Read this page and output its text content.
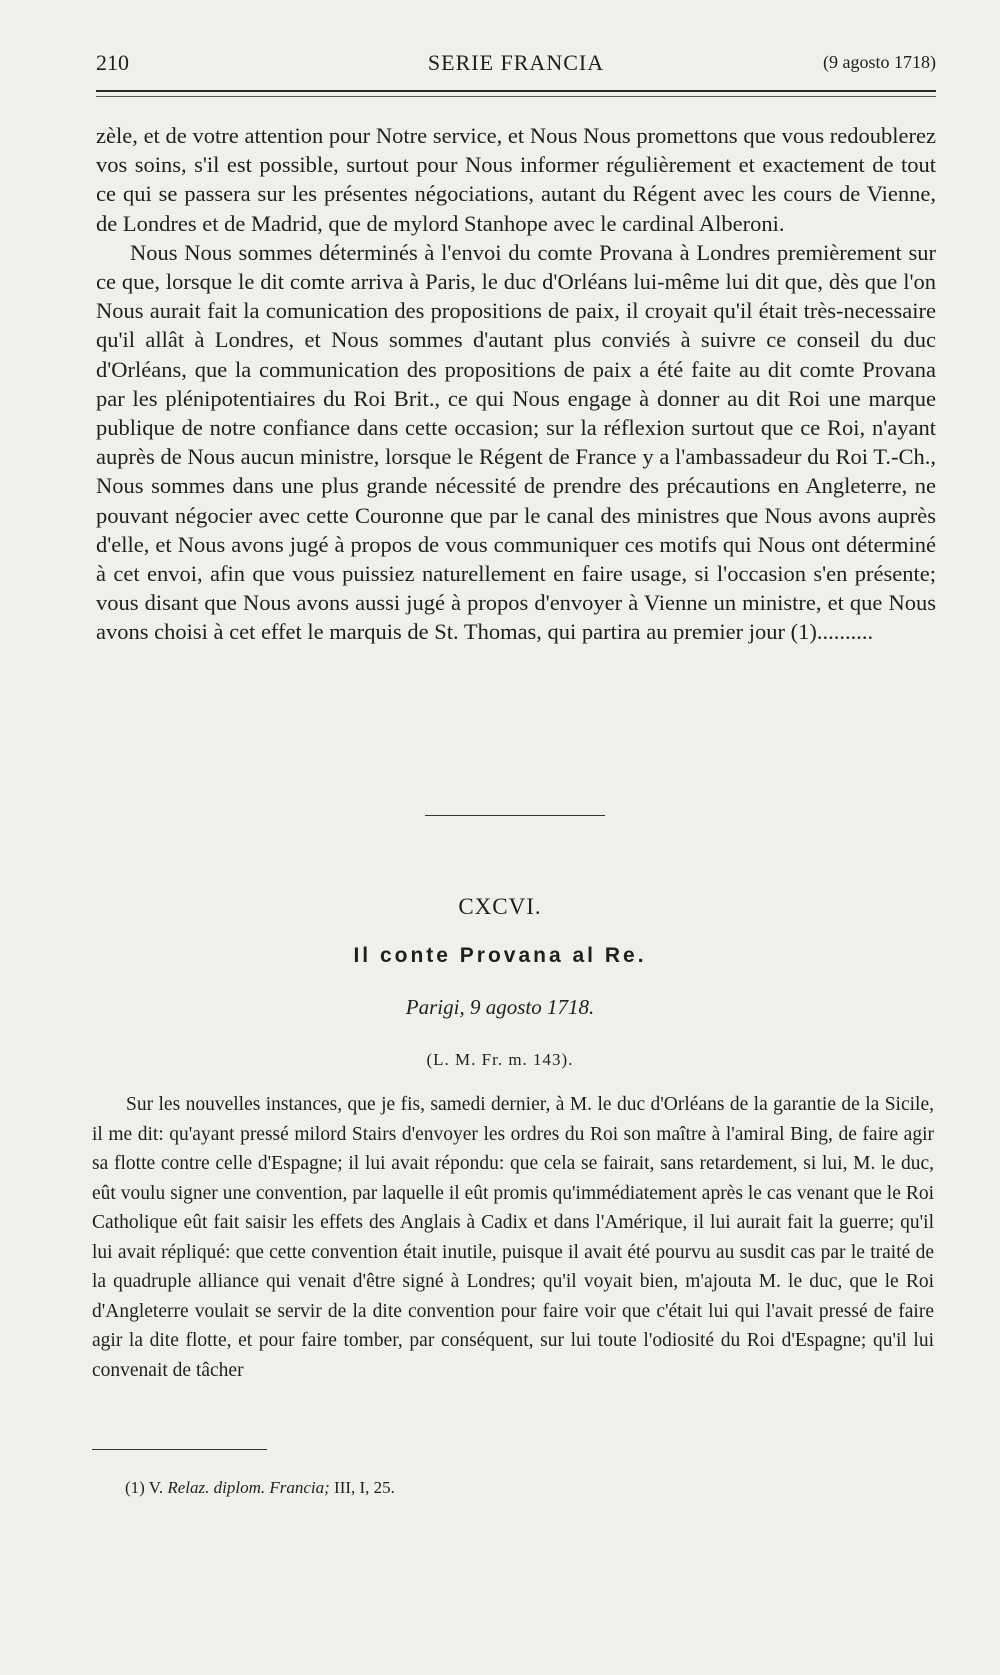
210	SERIE FRANCIA	(9 agosto 1718)

zèle, et de votre attention pour Notre service, et Nous Nous promettons que vous redoublerez vos soins, s'il est possible, surtout pour Nous informer régulièrement et exactement de tout ce qui se passera sur les présentes négociations, autant du Régent avec les cours de Vienne, de Londres et de Madrid, que de mylord Stanhope avec le cardinal Alberoni.

Nous Nous sommes déterminés à l'envoi du comte Provana à Londres premièrement sur ce que, lorsque le dit comte arriva à Paris, le duc d'Orléans lui-même lui dit que, dès que l'on Nous aurait fait la comunication des propositions de paix, il croyait qu'il était très-necessaire qu'il allât à Londres, et Nous sommes d'autant plus conviés à suivre ce conseil du duc d'Orléans, que la communication des propositions de paix a été faite au dit comte Provana par les plénipotentiaires du Roi Brit., ce qui Nous engage à donner au dit Roi une marque publique de notre confiance dans cette occasion; sur la réflexion surtout que ce Roi, n'ayant auprès de Nous aucun ministre, lorsque le Régent de France y a l'ambassadeur du Roi T.-Ch., Nous sommes dans une plus grande nécessité de prendre des précautions en Angleterre, ne pouvant négocier avec cette Couronne que par le canal des ministres que Nous avons auprès d'elle, et Nous avons jugé à propos de vous communiquer ces motifs qui Nous ont déterminé à cet envoi, afin que vous puissiez naturellement en faire usage, si l'occasion s'en présente; vous disant que Nous avons aussi jugé à propos d'envoyer à Vienne un ministre, et que Nous avons choisi à cet effet le marquis de St. Thomas, qui partira au premier jour (1)..........

CXCVI.
Il conte Provana al Re.
Parigi, 9 agosto 1718.
(L. M. Fr. m. 143).

Sur les nouvelles instances, que je fis, samedi dernier, à M. le duc d'Orléans de la garantie de la Sicile, il me dit: qu'ayant pressé milord Stairs d'envoyer les ordres du Roi son maître à l'amiral Bing, de faire agir sa flotte contre celle d'Espagne; il lui avait répondu: que cela se fairait, sans retardement, si lui, M. le duc, eût voulu signer une convention, par laquelle il eût promis qu'immédiatement après le cas venant que le Roi Catholique eût fait saisir les effets des Anglais à Cadix et dans l'Amérique, il lui aurait fait la guerre; qu'il lui avait répliqué: que cette convention était inutile, puisque il avait été pourvu au susdit cas par le traité de la quadruple alliance qui venait d'être signé à Londres; qu'il voyait bien, m'ajouta M. le duc, que le Roi d'Angleterre voulait se servir de la dite convention pour faire voir que c'était lui qui l'avait pressé de faire agir la dite flotte, et pour faire tomber, par conséquent, sur lui toute l'odiosité du Roi d'Espagne; qu'il lui convenait de tâcher

(1) V. Relaz. diplom. Francia; III, I, 25.
